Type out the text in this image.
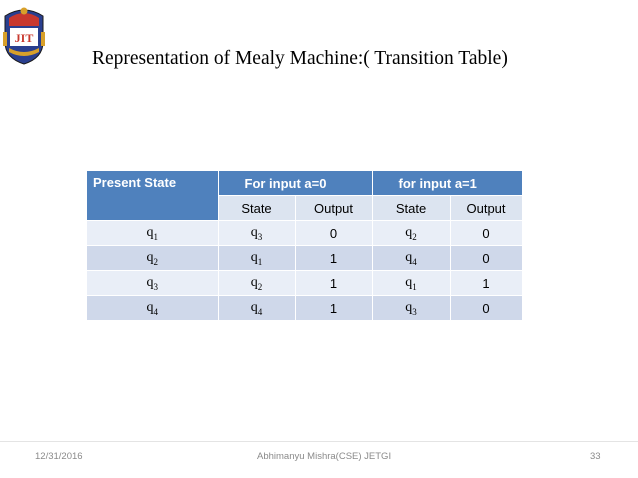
JIT
Representation of Mealy Machine:( Transition Table)
Present State	For input a=0		for input a=1	
	State	Output	State	Output
$q_1$	$q_3$	0	$q_2$	0
$q_2$	$q_1$	1	$q_4$	0
$q_3$	$q_2$	1	$q_1$	1
$q_4$	$q_4$	1	$q_3$	0
12/31/2016	Abhimanyu Mishra(CSE) JETGI	33
